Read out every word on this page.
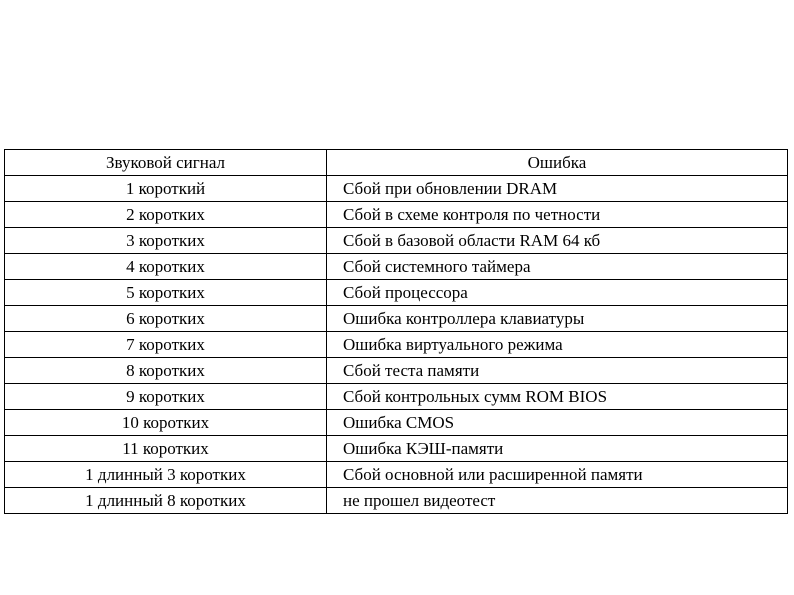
Звуковой сигнал	Ошибка
1 короткий	Сбой при обновлении DRAM
2 коротких	Сбой в схеме контроля по четности
3 коротких	Сбой в базовой области RAM 64 кб
4 коротких	Сбой системного таймера
5 коротких	Сбой процессора
6 коротких	Ошибка контроллера клавиатуры
7 коротких	Ошибка виртуального режима
8 коротких	Сбой теста памяти
9 коротких	Сбой контрольных сумм ROM BIOS
10 коротких	Ошибка CMOS
11 коротких	Ошибка КЭШ-памяти
1 длинный 3 коротких	Сбой основной или расширенной памяти
1 длинный 8 коротких	не прошел видеотест
